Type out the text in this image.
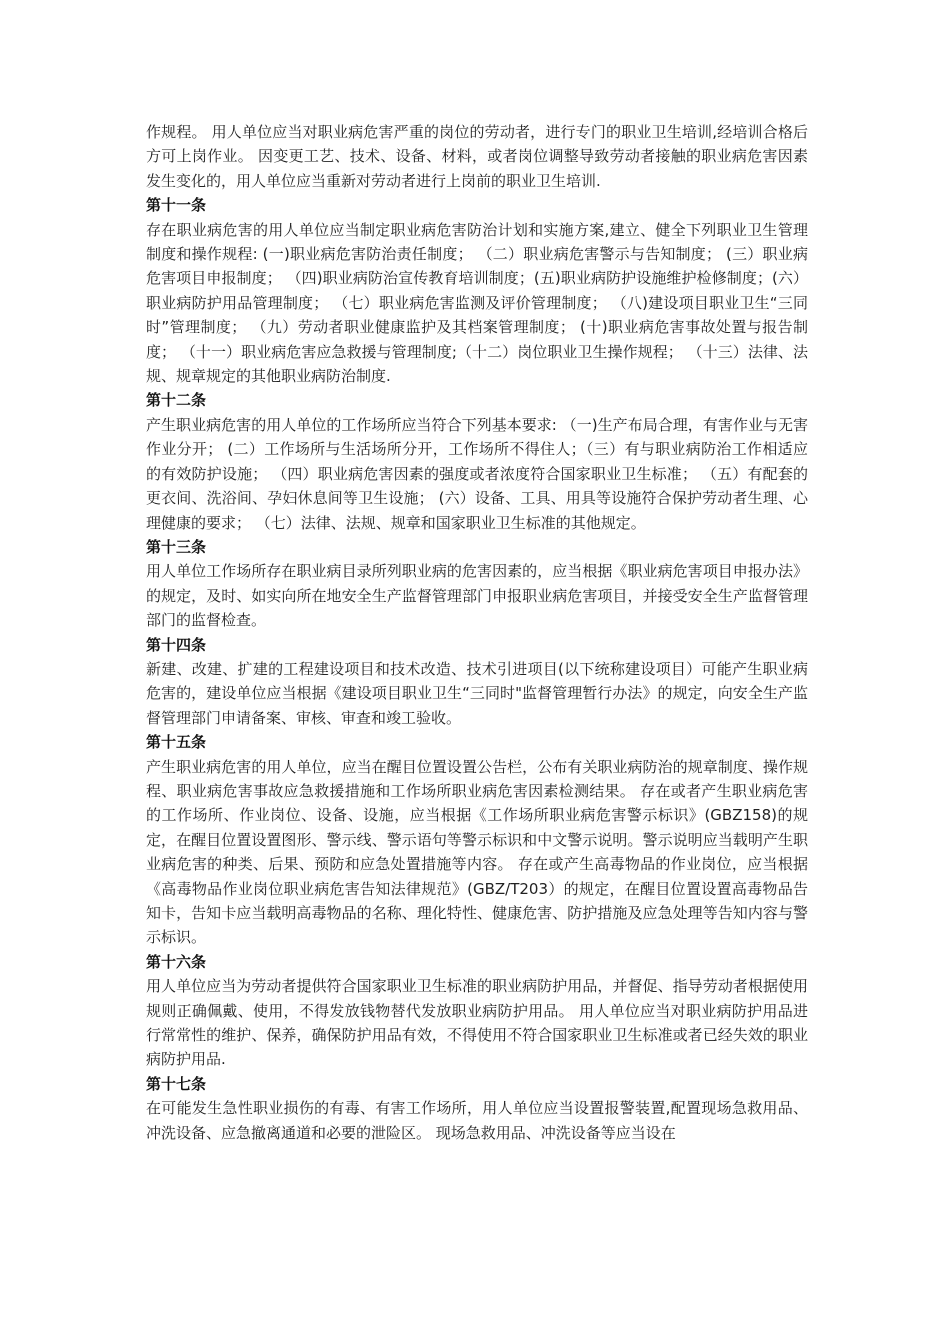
作规程。 用人单位应当对职业病危害严重的岗位的劳动者，进行专门的职业卫生培训,经培训合格后方可上岗作业。 因变更工艺、技术、设备、材料，或者岗位调整导致劳动者接触的职业病危害因素发生变化的，用人单位应当重新对劳动者进行上岗前的职业卫生培训.

第十一条

存在职业病危害的用人单位应当制定职业病危害防治计划和实施方案,建立、健全下列职业卫生管理制度和操作规程: (一)职业病危害防治责任制度； （二）职业病危害警示与告知制度； (三）职业病危害项目申报制度； （四)职业病防治宣传教育培训制度；(五)职业病防护设施维护检修制度；(六）职业病防护用品管理制度； （七）职业病危害监测及评价管理制度； （八)建设项目职业卫生“三同时”管理制度； （九）劳动者职业健康监护及其档案管理制度； (十)职业病危害事故处置与报告制度； （十一）职业病危害应急救援与管理制度;（十二）岗位职业卫生操作规程； （十三）法律、法规、规章规定的其他职业病防治制度.

第十二条

产生职业病危害的用人单位的工作场所应当符合下列基本要求: （一)生产布局合理，有害作业与无害作业分开； (二）工作场所与生活场所分开，工作场所不得住人；（三）有与职业病防治工作相适应的有效防护设施； （四）职业病危害因素的强度或者浓度符合国家职业卫生标准； （五）有配套的更衣间、洗浴间、孕妇休息间等卫生设施； (六）设备、工具、用具等设施符合保护劳动者生理、心理健康的要求； （七）法律、法规、规章和国家职业卫生标准的其他规定。

第十三条

用人单位工作场所存在职业病目录所列职业病的危害因素的，应当根据《职业病危害项目申报办法》的规定，及时、如实向所在地安全生产监督管理部门申报职业病危害项目，并接受安全生产监督管理部门的监督检查。

第十四条

新建、改建、扩建的工程建设项目和技术改造、技术引进项目(以下统称建设项目）可能产生职业病危害的，建设单位应当根据《建设项目职业卫生“三同时"监督管理暂行办法》的规定，向安全生产监督管理部门申请备案、审核、审查和竣工验收。

第十五条

产生职业病危害的用人单位，应当在醒目位置设置公告栏，公布有关职业病防治的规章制度、操作规程、职业病危害事故应急救援措施和工作场所职业病危害因素检测结果。 存在或者产生职业病危害的工作场所、作业岗位、设备、设施，应当根据《工作场所职业病危害警示标识》(GBZ158)的规定，在醒目位置设置图形、警示线、警示语句等警示标识和中文警示说明。警示说明应当载明产生职业病危害的种类、后果、预防和应急处置措施等内容。 存在或产生高毒物品的作业岗位，应当根据《高毒物品作业岗位职业病危害告知法律规范》(GBZ/T203）的规定，在醒目位置设置高毒物品告知卡，告知卡应当载明高毒物品的名称、理化特性、健康危害、防护措施及应急处理等告知内容与警示标识。

第十六条

用人单位应当为劳动者提供符合国家职业卫生标准的职业病防护用品，并督促、指导劳动者根据使用规则正确佩戴、使用，不得发放钱物替代发放职业病防护用品。 用人单位应当对职业病防护用品进行常常性的维护、保养，确保防护用品有效，不得使用不符合国家职业卫生标准或者已经失效的职业病防护用品.

第十七条

在可能发生急性职业损伤的有毒、有害工作场所，用人单位应当设置报警装置,配置现场急救用品、冲洗设备、应急撤离通道和必要的泄险区。 现场急救用品、冲洗设备等应当设在
